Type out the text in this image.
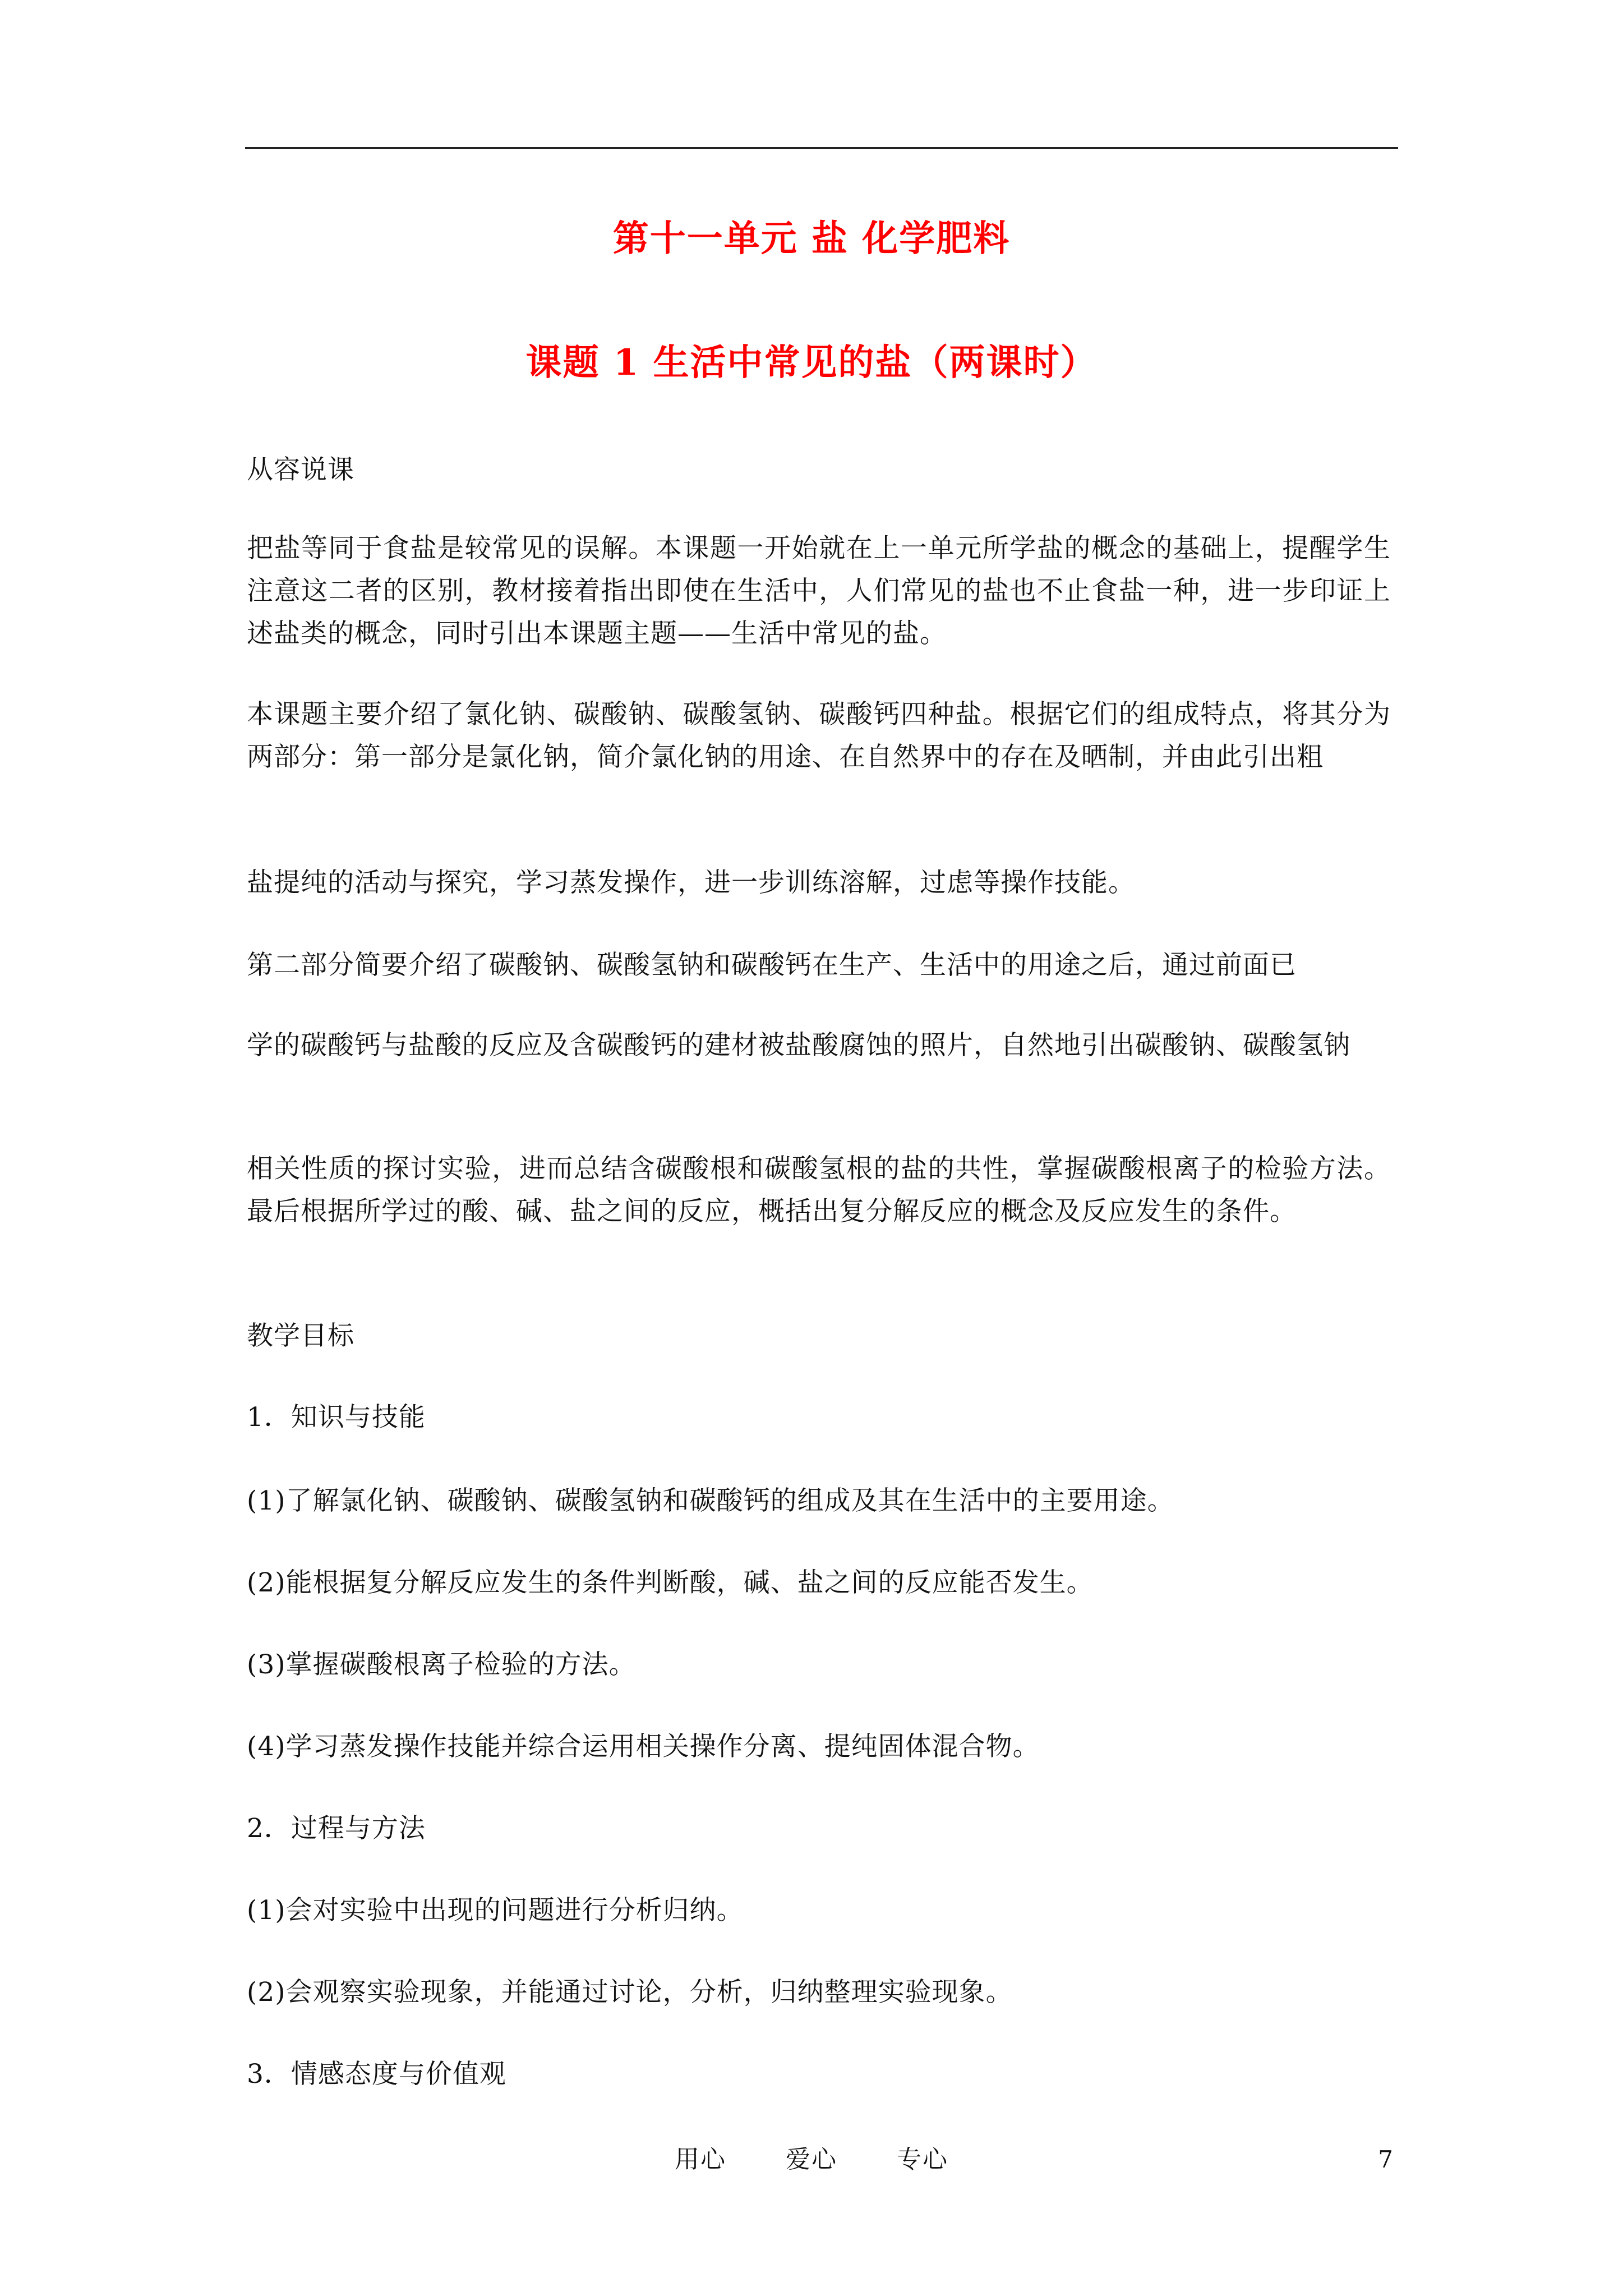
第十一单元 盐 化学肥料
课题 1 生活中常见的盐（两课时）
从容说课
把盐等同于食盐是较常见的误解。本课题一开始就在上一单元所学盐的概念的基础上，提醒学生注意这二者的区别，教材接着指出即使在生活中，人们常见的盐也不止食盐一种，进一步印证上述盐类的概念，同时引出本课题主题——生活中常见的盐。
本课题主要介绍了氯化钠、碳酸钠、碳酸氢钠、碳酸钙四种盐。根据它们的组成特点，将其分为两部分：第一部分是氯化钠，简介氯化钠的用途、在自然界中的存在及晒制，并由此引出粗
盐提纯的活动与探究，学习蒸发操作，进一步训练溶解，过虑等操作技能。
第二部分简要介绍了碳酸钠、碳酸氢钠和碳酸钙在生产、生活中的用途之后，通过前面已
学的碳酸钙与盐酸的反应及含碳酸钙的建材被盐酸腐蚀的照片，自然地引出碳酸钠、碳酸氢钠
相关性质的探讨实验，进而总结含碳酸根和碳酸氢根的盐的共性，掌握碳酸根离子的检验方法。最后根据所学过的酸、碱、盐之间的反应，概括出复分解反应的概念及反应发生的条件。
教学目标
1．知识与技能
(1)了解氯化钠、碳酸钠、碳酸氢钠和碳酸钙的组成及其在生活中的主要用途。
(2)能根据复分解反应发生的条件判断酸，碱、盐之间的反应能否发生。
(3)掌握碳酸根离子检验的方法。
(4)学习蒸发操作技能并综合运用相关操作分离、提纯固体混合物。
2．过程与方法
(1)会对实验中出现的问题进行分析归纳。
(2)会观察实验现象，并能通过讨论，分析，归纳整理实验现象。
3．情感态度与价值观
用心 爱心 专心	7
